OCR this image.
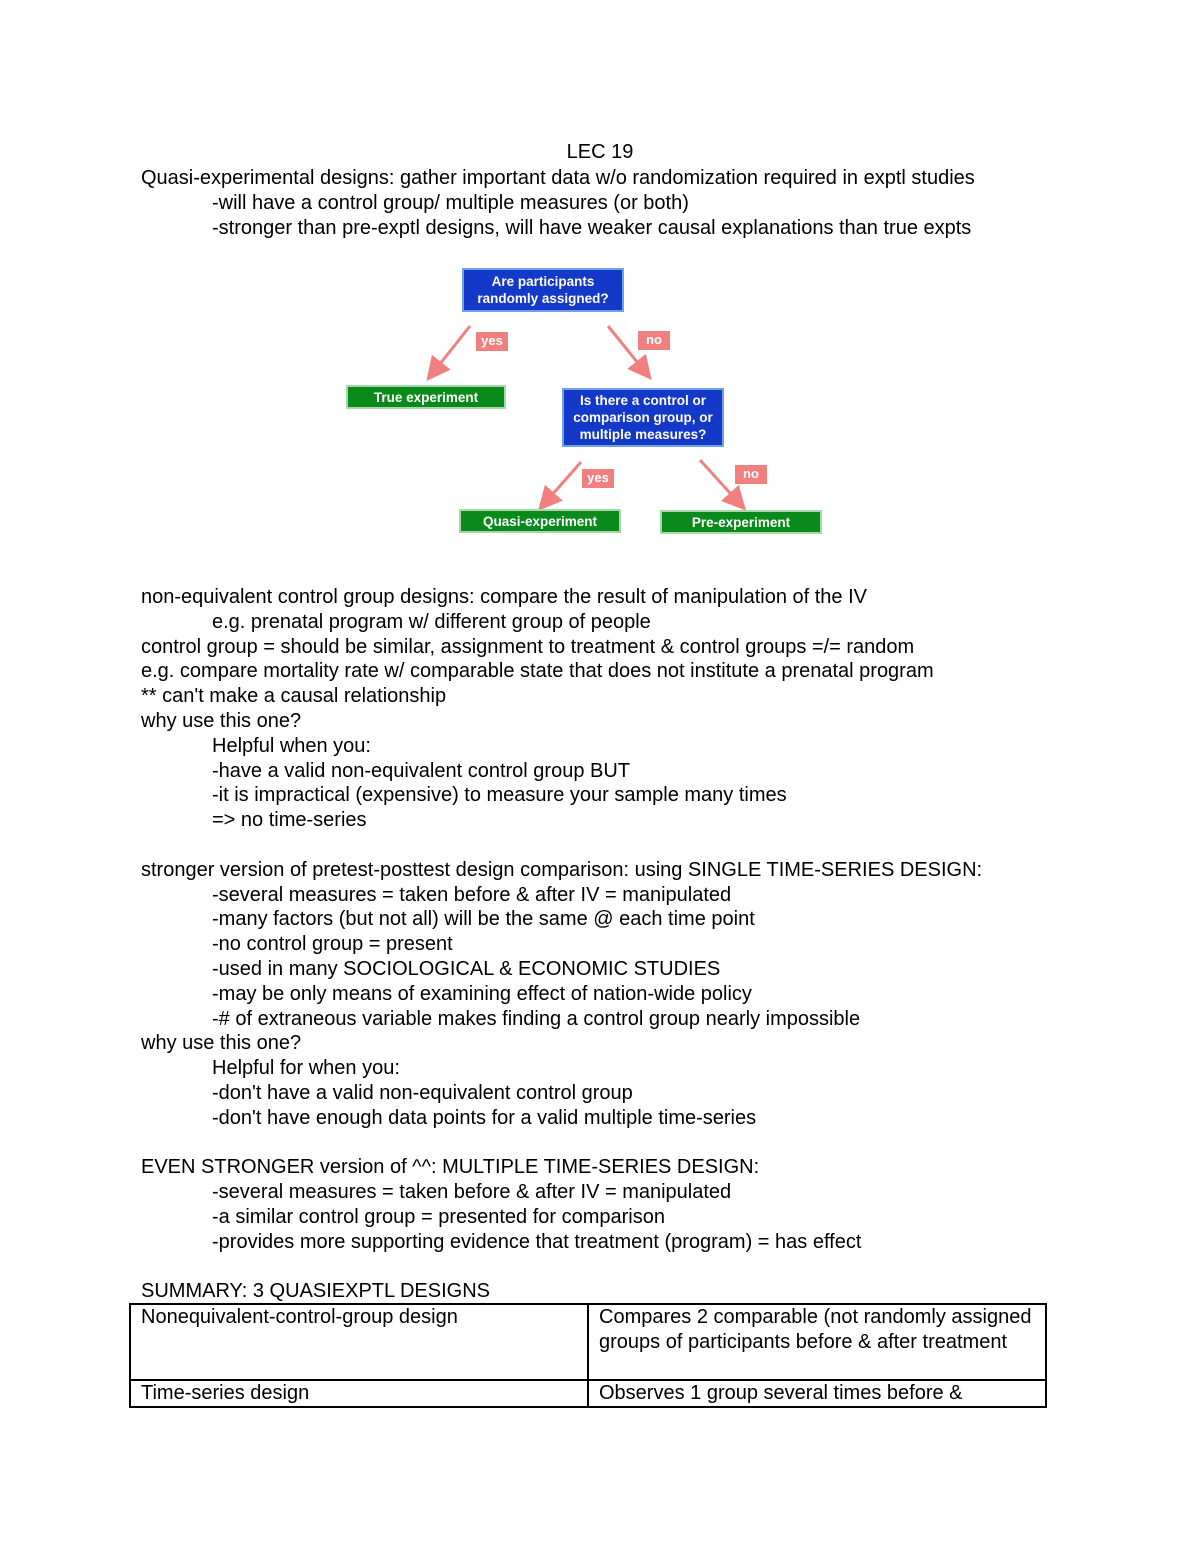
LEC 19
Quasi-experimental designs: gather important data w/o randomization required in exptl studies
-will have a control group/ multiple measures (or both)
-stronger than pre-exptl designs, will have weaker causal explanations than true expts
Are participants randomly assigned?
yes	no
True experiment	Is there a control or comparison group, or multiple measures?
yes	no
Quasi-experiment	Pre-experiment
non-equivalent control group designs: compare the result of manipulation of the IV
e.g. prenatal program w/ different group of people
control group = should be similar, assignment to treatment & control groups =/= random
e.g. compare mortality rate w/ comparable state that does not institute a prenatal program
** can't make a causal relationship
why use this one?
Helpful when you:
-have a valid non-equivalent control group BUT
-it is impractical (expensive) to measure your sample many times
=> no time-series
stronger version of pretest-posttest design comparison: using SINGLE TIME-SERIES DESIGN:
-several measures = taken before & after IV = manipulated
-many factors (but not all) will be the same @ each time point
-no control group = present
-used in many SOCIOLOGICAL & ECONOMIC STUDIES
-may be only means of examining effect of nation-wide policy
-# of extraneous variable makes finding a control group nearly impossible
why use this one?
Helpful for when you:
-don't have a valid non-equivalent control group
-don't have enough data points for a valid multiple time-series
EVEN STRONGER version of ^^: MULTIPLE TIME-SERIES DESIGN:
-several measures = taken before & after IV = manipulated
-a similar control group = presented for comparison
-provides more supporting evidence that treatment (program) = has effect
SUMMARY: 3 QUASIEXPTL DESIGNS
Nonequivalent-control-group design	Compares 2 comparable (not randomly assigned groups of participants before & after treatment
Time-series design	Observes 1 group several times before &
